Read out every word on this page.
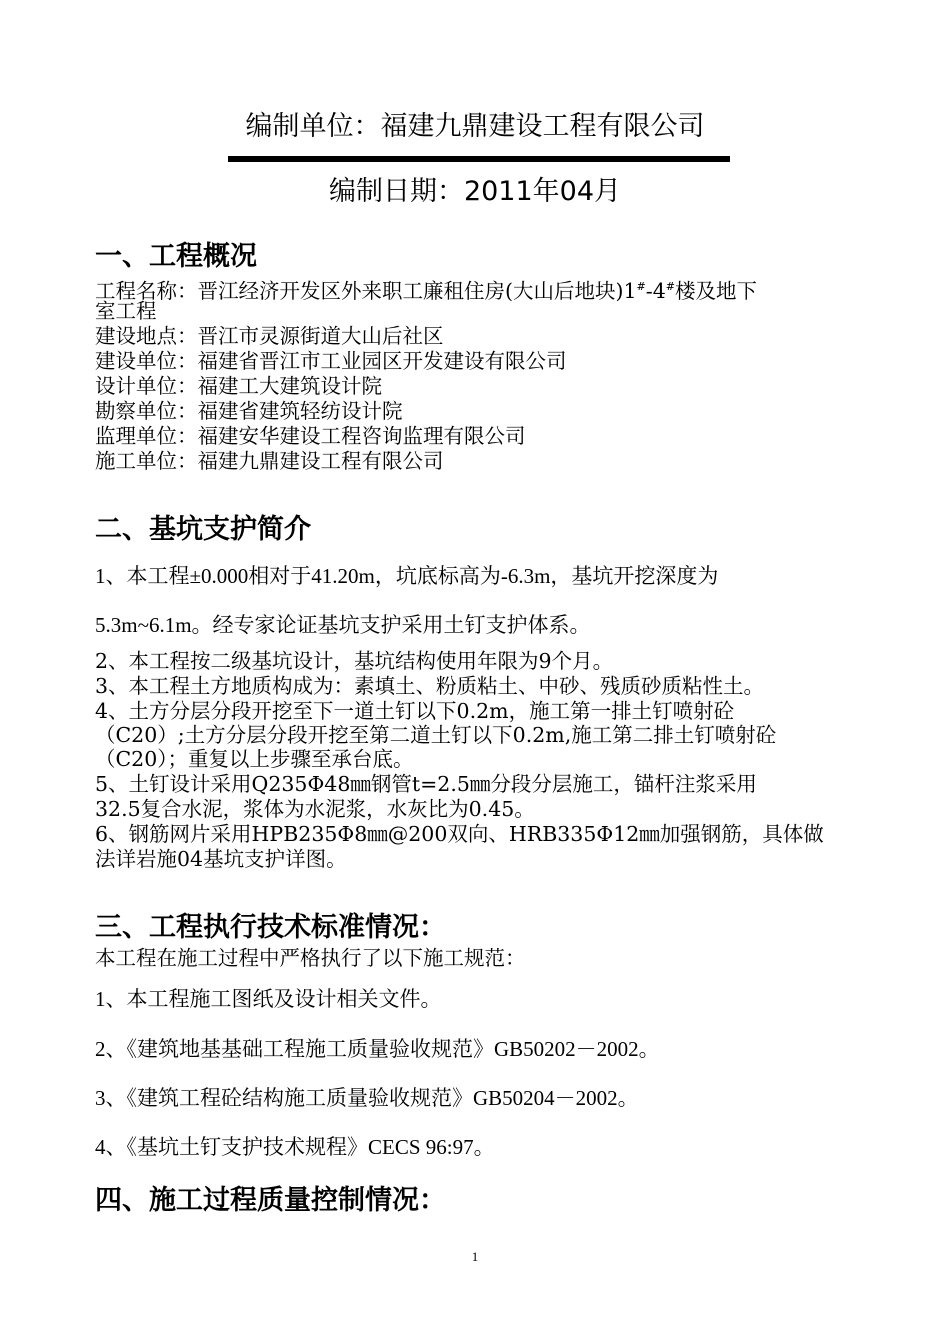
编制单位：福建九鼎建设工程有限公司
编制日期：2011年04月
一、工程概况
工程名称：晋江经济开发区外来职工廉租住房(大山后地块)1#-4#楼及地下
室工程
建设地点：晋江市灵源街道大山后社区
建设单位：福建省晋江市工业园区开发建设有限公司
设计单位：福建工大建筑设计院
勘察单位：福建省建筑轻纺设计院
监理单位：福建安华建设工程咨询监理有限公司
施工单位：福建九鼎建设工程有限公司
二、基坑支护简介
1、本工程±0.000相对于41.20m，坑底标高为-6.3m，基坑开挖深度为
5.3m~6.1m。经专家论证基坑支护采用土钉支护体系。
2、本工程按二级基坑设计，基坑结构使用年限为9个月。
3、本工程土方地质构成为：素填土、粉质粘土、中砂、残质砂质粘性土。
4、土方分层分段开挖至下一道土钉以下0.2m，施工第一排土钉喷射砼
（C20）;土方分层分段开挖至第二道土钉以下0.2m,施工第二排土钉喷射砼
（C20）；重复以上步骤至承台底。
5、土钉设计采用Q235Φ48㎜钢管t=2.5㎜分段分层施工，锚杆注浆采用
32.5复合水泥，浆体为水泥浆，水灰比为0.45。
6、钢筋网片采用HPB235Φ8㎜@200双向、HRB335Φ12㎜加强钢筋，具体做
法详岩施04基坑支护详图。
三、工程执行技术标准情况：
本工程在施工过程中严格执行了以下施工规范：
1、本工程施工图纸及设计相关文件。
2、《建筑地基基础工程施工质量验收规范》GB50202－2002。
3、《建筑工程砼结构施工质量验收规范》GB50204－2002。
4、《基坑土钉支护技术规程》CECS 96:97。
四、施工过程质量控制情况：
1
